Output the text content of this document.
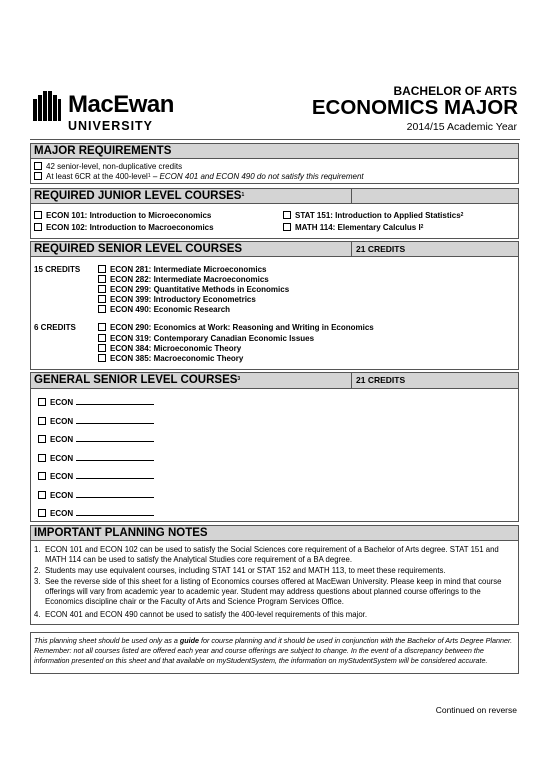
MacEwan
UNIVERSITY
BACHELOR OF ARTS
ECONOMICS MAJOR
2014/15 Academic Year
MAJOR REQUIREMENTS
42 senior-level, non-duplicative credits
At least 6CR at the 400-level$^1$ – ECON 401 and ECON 490 do not satisfy this requirement
REQUIRED JUNIOR LEVEL COURSES$^1$
ECON 101: Introduction to Microeconomics
ECON 102: Introduction to Macroeconomics
STAT 151: Introduction to Applied Statistics$^2$
MATH 114: Elementary Calculus $I^2$
REQUIRED SENIOR LEVEL COURSES	21 CREDITS
15 CREDITS	ECON 281: Intermediate Microeconomics
ECON 282: Intermediate Macroeconomics
ECON 299: Quantitative Methods in Economics
ECON 399: Introductory Econometrics
ECON 490: Economic Research
6 CREDITS	ECON 290: Economics at Work: Reasoning and Writing in Economics
ECON 319: Contemporary Canadian Economic Issues
ECON 384: Microeconomic Theory
ECON 385: Macroeconomic Theory
GENERAL SENIOR LEVEL COURSES$^3$	21 CREDITS
ECON
ECON
ECON
ECON
ECON
ECON
ECON
IMPORTANT PLANNING NOTES
1. ECON 101 and ECON 102 can be used to satisfy the Social Sciences core requirement of a Bachelor of Arts degree. STAT 151 and MATH 114 can be used to satisfy the Analytical Studies core requirement of a BA degree.
2. Students may use equivalent courses, including STAT 141 or STAT 152 and MATH 113, to meet these requirements.
3. See the reverse side of this sheet for a listing of Economics courses offered at MacEwan University. Please keep in mind that course offerings will vary from academic year to academic year. Student may address questions about planned course offerings to the Economics discipline chair or the Faculty of Arts and Science Program Services Office.
4. ECON 401 and ECON 490 cannot be used to satisfy the 400-level requirements of this major.
This planning sheet should be used only as a guide for course planning and it should be used in conjunction with the Bachelor of Arts Degree Planner. Remember: not all courses listed are offered each year and course offerings are subject to change. In the event of a discrepancy between the information presented on this sheet and that available on myStudentSystem, the information on myStudentSystem will be considered accurate.
Continued on reverse
